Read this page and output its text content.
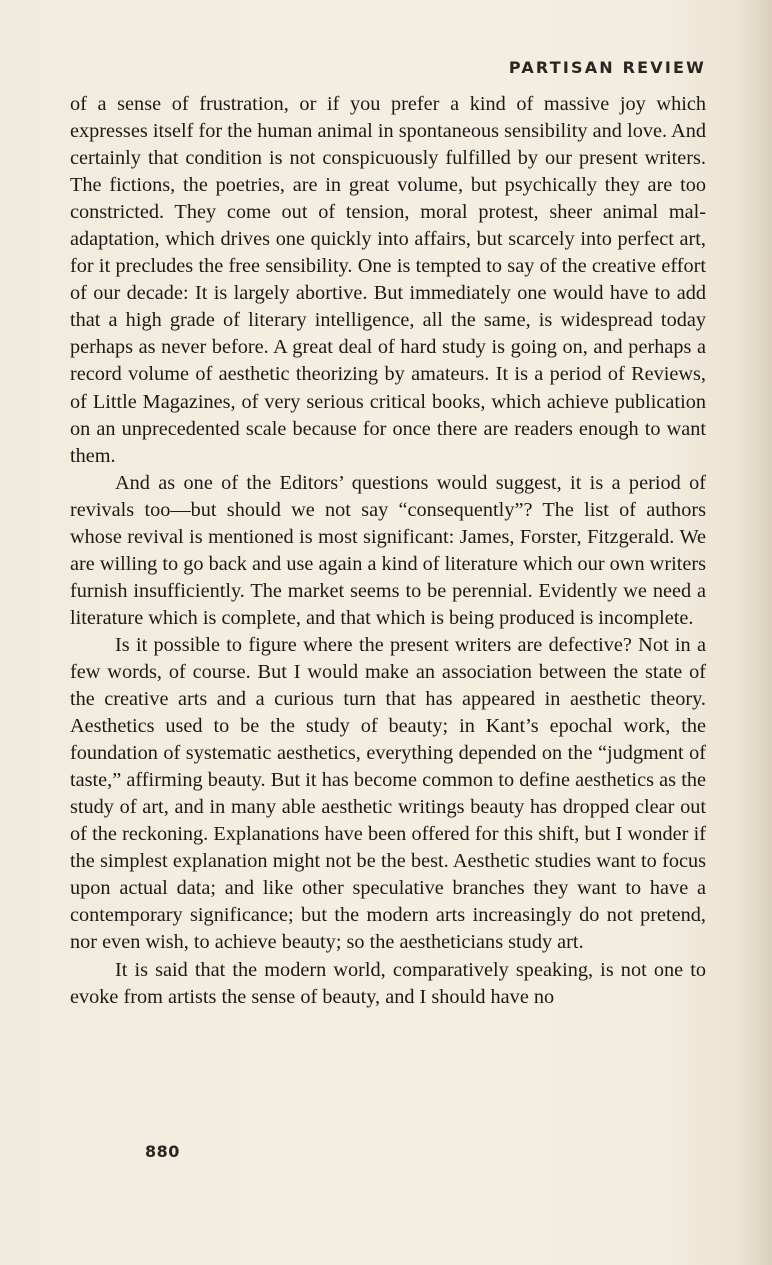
PARTISAN REVIEW

of a sense of frustration, or if you prefer a kind of massive joy which expresses itself for the human animal in spontaneous sensibility and love. And certainly that condition is not conspicuously fulfilled by our present writers. The fictions, the poetries, are in great volume, but psychically they are too constricted. They come out of tension, moral protest, sheer animal mal-adaptation, which drives one quickly into affairs, but scarcely into perfect art, for it precludes the free sensibility. One is tempted to say of the creative effort of our decade: It is largely abortive. But immediately one would have to add that a high grade of literary intelligence, all the same, is widespread today perhaps as never before. A great deal of hard study is going on, and perhaps a record volume of aesthetic theorizing by amateurs. It is a period of Reviews, of Little Magazines, of very serious critical books, which achieve publication on an unprecedented scale because for once there are readers enough to want them.

And as one of the Editors’ questions would suggest, it is a period of revivals too—but should we not say “consequently”? The list of authors whose revival is mentioned is most significant: James, Forster, Fitzgerald. We are willing to go back and use again a kind of literature which our own writers furnish insufficiently. The market seems to be perennial. Evidently we need a literature which is complete, and that which is being produced is incomplete.

Is it possible to figure where the present writers are defective? Not in a few words, of course. But I would make an association between the state of the creative arts and a curious turn that has appeared in aesthetic theory. Aesthetics used to be the study of beauty; in Kant’s epochal work, the foundation of systematic aesthetics, everything depended on the “judgment of taste,” affirming beauty. But it has become common to define aesthetics as the study of art, and in many able aesthetic writings beauty has dropped clear out of the reckoning. Explanations have been offered for this shift, but I wonder if the simplest explanation might not be the best. Aesthetic studies want to focus upon actual data; and like other speculative branches they want to have a contemporary significance; but the modern arts increasingly do not pretend, nor even wish, to achieve beauty; so the aestheticians study art.

It is said that the modern world, comparatively speaking, is not one to evoke from artists the sense of beauty, and I should have no

880
